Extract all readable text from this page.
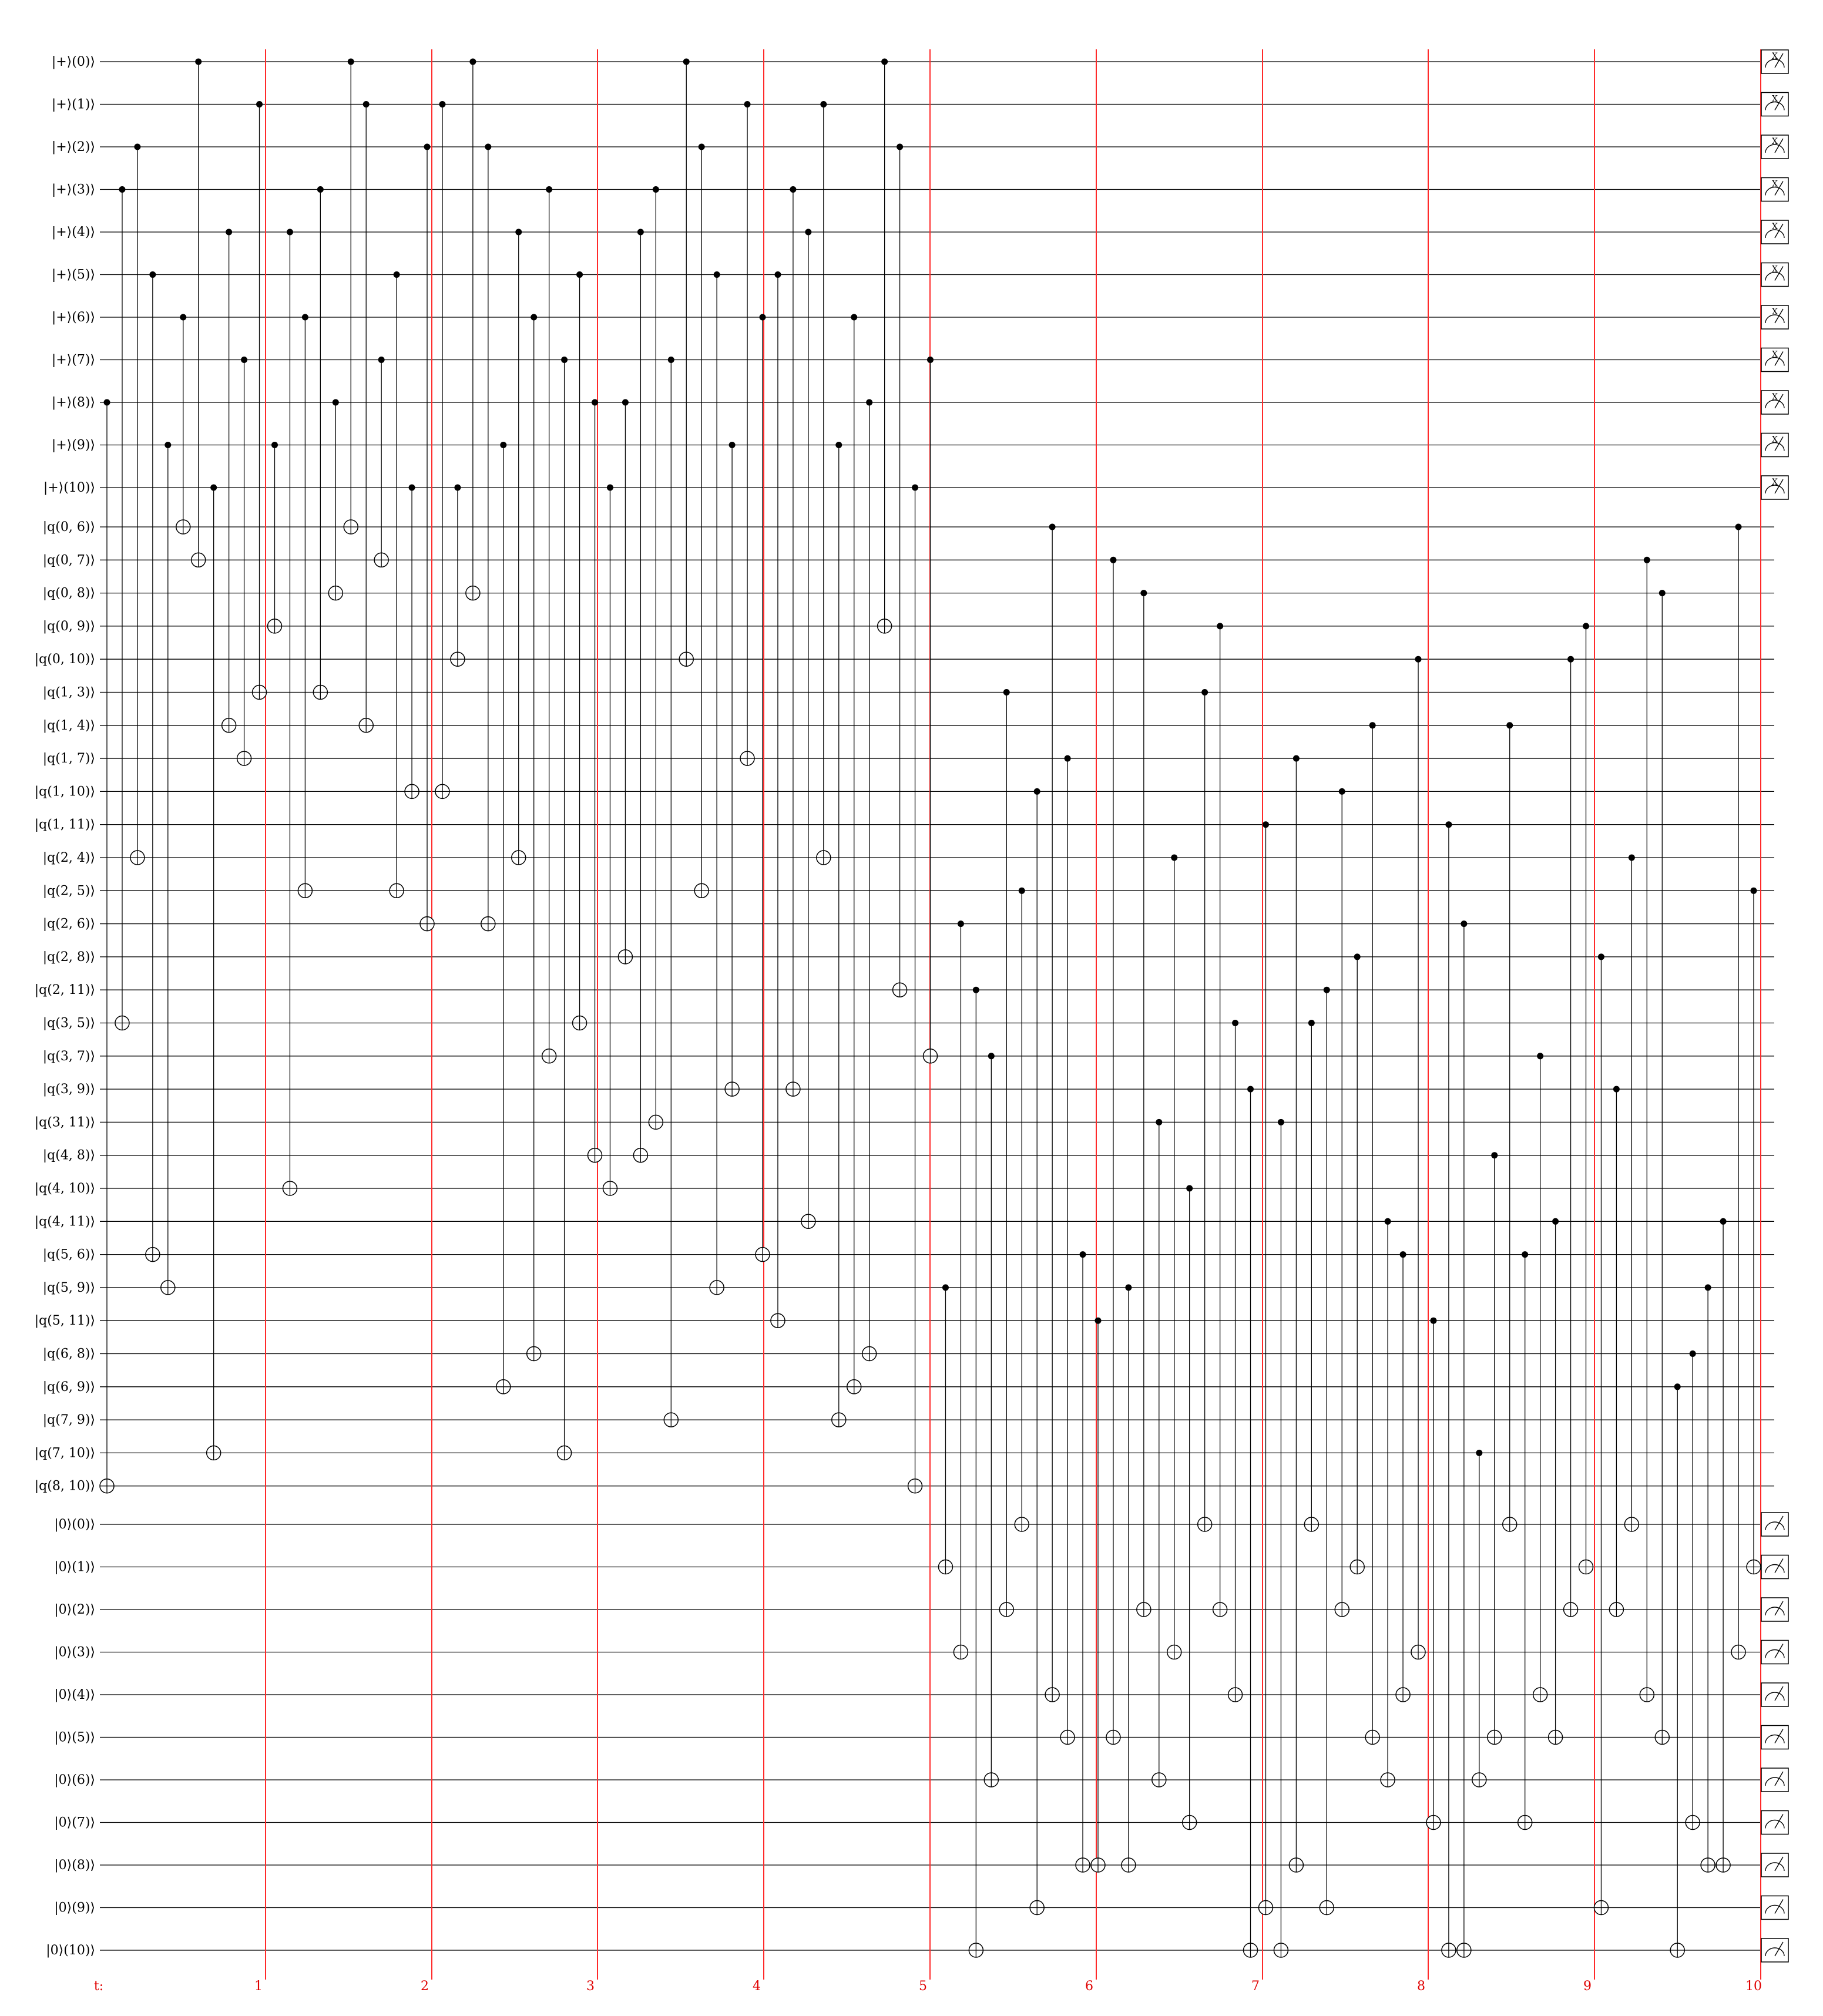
X
X
X
X
X
X
X
X
X
X
X
|+⟩(0)⟩
|+⟩(1)⟩
|+⟩(2)⟩
|+⟩(3)⟩
|+⟩(4)⟩
|+⟩(5)⟩
|+⟩(6)⟩
|+⟩(7)⟩
|+⟩(8)⟩
|+⟩(9)⟩
|+⟩(10)⟩
|q(0, 6)⟩
|q(0, 7)⟩
|q(0, 8)⟩
|q(0, 9)⟩
|q(0, 10)⟩
|q(1, 3)⟩
|q(1, 4)⟩
|q(1, 7)⟩
|q(1, 10)⟩
|q(1, 11)⟩
|q(2, 4)⟩
|q(2, 5)⟩
|q(2, 6)⟩
|q(2, 8)⟩
|q(2, 11)⟩
|q(3, 5)⟩
|q(3, 7)⟩
|q(3, 9)⟩
|q(3, 11)⟩
|q(4, 8)⟩
|q(4, 10)⟩
|q(4, 11)⟩
|q(5, 6)⟩
|q(5, 9)⟩
|q(5, 11)⟩
|q(6, 8)⟩
|q(6, 9)⟩
|q(7, 9)⟩
|q(7, 10)⟩
|q(8, 10)⟩
|0⟩(0)⟩
|0⟩(1)⟩
|0⟩(2)⟩
|0⟩(3)⟩
|0⟩(4)⟩
|0⟩(5)⟩
|0⟩(6)⟩
|0⟩(7)⟩
|0⟩(8)⟩
|0⟩(9)⟩
|0⟩(10)⟩
1	2	3	4	5	6	7	8	9	10
t:
